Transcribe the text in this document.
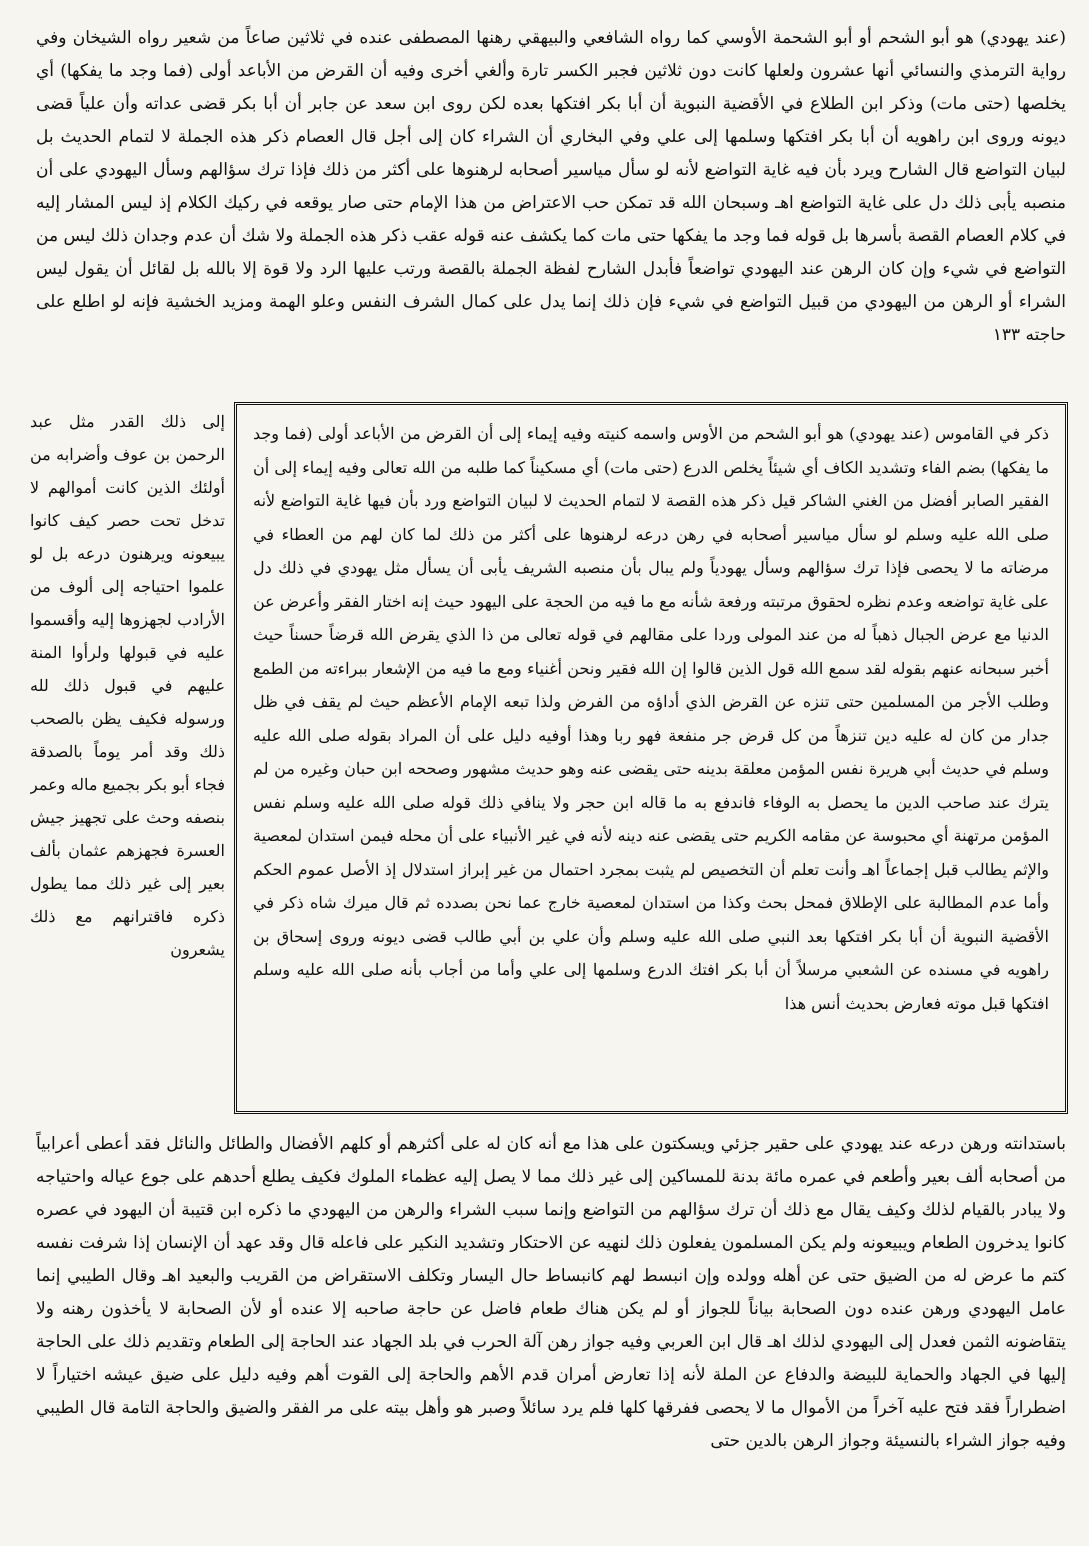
(عند يهودي) هو أبو الشحم أو أبو الشحمة الأوسي كما رواه الشافعي والبيهقي رهنها المصطفى عنده في ثلاثين صاعاً من شعير رواه الشيخان وفي رواية الترمذي والنسائي أنها عشرون ولعلها كانت دون ثلاثين فجبر الكسر تارة وألغي أخرى وفيه أن القرض من الأباعد أولى (فما وجد ما يفكها) أي يخلصها (حتى مات) وذكر ابن الطلاع في الأقضية النبوية أن أبا بكر افتكها بعده لكن روى ابن سعد عن جابر أن أبا بكر قضى عداته وأن علياً قضى ديونه وروى ابن راهويه أن أبا بكر افتكها وسلمها إلى علي وفي البخاري أن الشراء كان إلى أجل قال العصام ذكر هذه الجملة لا لتمام الحديث بل لبيان التواضع قال الشارح ويرد بأن فيه غاية التواضع لأنه لو سأل مياسير أصحابه لرهنوها على أكثر من ذلك فإذا ترك سؤالهم وسأل اليهودي على أن منصبه يأبى ذلك دل على غاية التواضع اهـ وسبحان الله قد تمكن حب الاعتراض من هذا الإمام حتى صار يوقعه في ركيك الكلام إذ ليس المشار إليه في كلام العصام القصة بأسرها بل قوله فما وجد ما يفكها حتى مات كما يكشف عنه قوله عقب ذكر هذه الجملة ولا شك أن عدم وجدان ذلك ليس من التواضع في شيء وإن كان الرهن عند اليهودي تواضعاً فأبدل الشارح لفظة الجملة بالقصة ورتب عليها الرد ولا قوة إلا بالله بل لقائل أن يقول ليس الشراء أو الرهن من اليهودي من قبيل التواضع في شيء فإن ذلك إنما يدل على كمال الشرف النفس وعلو الهمة ومزيد الخشية فإنه لو اطلع على حاجته ١٣٣
ذكر في القاموس (عند يهودي) هو أبو الشحم من الأوس واسمه كنيته وفيه إيماء إلى أن القرض من الأباعد أولى (فما وجد ما يفكها) بضم الفاء وتشديد الكاف أي شيئاً يخلص الدرع (حتى مات) أي مسكيناً كما طلبه من الله تعالى وفيه إيماء إلى أن الفقير الصابر أفضل من الغني الشاكر قيل ذكر هذه القصة لا لتمام الحديث لا لبيان التواضع ورد بأن فيها غاية التواضع لأنه صلى الله عليه وسلم لو سأل مياسير أصحابه في رهن درعه لرهنوها على أكثر من ذلك لما كان لهم من العطاء في مرضاته ما لا يحصى فإذا ترك سؤالهم وسأل يهودياً ولم يبال بأن منصبه الشريف يأبى أن يسأل مثل يهودي في ذلك دل على غاية تواضعه وعدم نظره لحقوق مرتبته ورفعة شأنه مع ما فيه من الحجة على اليهود حيث إنه اختار الفقر وأعرض عن الدنيا مع عرض الجبال ذهباً له من عند المولى وردا على مقالهم في قوله تعالى من ذا الذي يقرض الله قرضاً حسناً حيث أخبر سبحانه عنهم بقوله لقد سمع الله قول الذين قالوا إن الله فقير ونحن أغنياء ومع ما فيه من الإشعار ببراءته من الطمع وطلب الأجر من المسلمين حتى تنزه عن القرض الذي أداؤه من الفرض ولذا تبعه الإمام الأعظم حيث لم يقف في ظل جدار من كان له عليه دين تنزهاً من كل قرض جر منفعة فهو ربا وهذا أوفيه دليل على أن المراد بقوله صلى الله عليه وسلم في حديث أبي هريرة نفس المؤمن معلقة بدينه حتى يقضى عنه وهو حديث مشهور وصححه ابن حبان وغيره من لم يترك عند صاحب الدين ما يحصل به الوفاء فاندفع به ما قاله ابن حجر ولا ينافي ذلك قوله صلى الله عليه وسلم نفس المؤمن مرتهنة أي محبوسة عن مقامه الكريم حتى يقضى عنه دينه لأنه في غير الأنبياء على أن محله فيمن استدان لمعصية والإثم يطالب قبل إجماعاً اهـ وأنت تعلم أن التخصيص لم يثبت بمجرد احتمال من غير إبراز استدلال إذ الأصل عموم الحكم وأما عدم المطالبة على الإطلاق فمحل بحث وكذا من استدان لمعصية خارج عما نحن بصدده ثم قال ميرك شاه ذكر في الأقضية النبوية أن أبا بكر افتكها بعد النبي صلى الله عليه وسلم وأن علي بن أبي طالب قضى ديونه وروى إسحاق بن راهويه في مسنده عن الشعبي مرسلاً أن أبا بكر افتك الدرع وسلمها إلى علي وأما من أجاب بأنه صلى الله عليه وسلم افتكها قبل موته فعارض بحديث أنس هذا
إلى ذلك القدر مثل عبد الرحمن بن عوف وأضرابه من أولئك الذين كانت أموالهم لا تدخل تحت حصر كيف كانوا يبيعونه ويرهنون درعه بل لو علموا احتياجه إلى ألوف من الأرادب لجهزوها إليه وأقسموا عليه في قبولها ولرأوا المنة عليهم في قبول ذلك لله ورسوله فكيف يظن بالصحب ذلك وقد أمر يوماً بالصدقة فجاء أبو بكر بجميع ماله وعمر بنصفه وحث على تجهيز جيش العسرة فجهزهم عثمان بألف بعير إلى غير ذلك مما يطول ذكره فاقترانهم مع ذلك يشعرون
باستدانته ورهن درعه عند يهودي على حقير جزئي ويسكتون على هذا مع أنه كان له على أكثرهم أو كلهم الأفضال والطائل والنائل فقد أعطى أعرابياً من أصحابه ألف بعير وأطعم في عمره مائة بدنة للمساكين إلى غير ذلك مما لا يصل إليه عظماء الملوك فكيف يطلع أحدهم على جوع عياله واحتياجه ولا يبادر بالقيام لذلك وكيف يقال مع ذلك أن ترك سؤالهم من التواضع وإنما سبب الشراء والرهن من اليهودي ما ذكره ابن قتيبة أن اليهود في عصره كانوا يدخرون الطعام ويبيعونه ولم يكن المسلمون يفعلون ذلك لنهيه عن الاحتكار وتشديد النكير على فاعله قال وقد عهد أن الإنسان إذا شرفت نفسه كتم ما عرض له من الضيق حتى عن أهله وولده وإن انبسط لهم كانبساط حال اليسار وتكلف الاستقراض من القريب والبعيد اهـ وقال الطيبي إنما عامل اليهودي ورهن عنده دون الصحابة بياناً للجواز أو لم يكن هناك طعام فاضل عن حاجة صاحبه إلا عنده أو لأن الصحابة لا يأخذون رهنه ولا يتقاضونه الثمن فعدل إلى اليهودي لذلك اهـ قال ابن العربي وفيه جواز رهن آلة الحرب في بلد الجهاد عند الحاجة إلى الطعام وتقديم ذلك على الحاجة إليها في الجهاد والحماية للبيضة والدفاع عن الملة لأنه إذا تعارض أمران قدم الأهم والحاجة إلى القوت أهم وفيه دليل على ضيق عيشه اختياراً لا اضطراراً فقد فتح عليه آخراً من الأموال ما لا يحصى ففرقها كلها فلم يرد سائلاً وصبر هو وأهل بيته على مر الفقر والضيق والحاجة التامة قال الطيبي وفيه جواز الشراء بالنسيئة وجواز الرهن بالدين حتى
